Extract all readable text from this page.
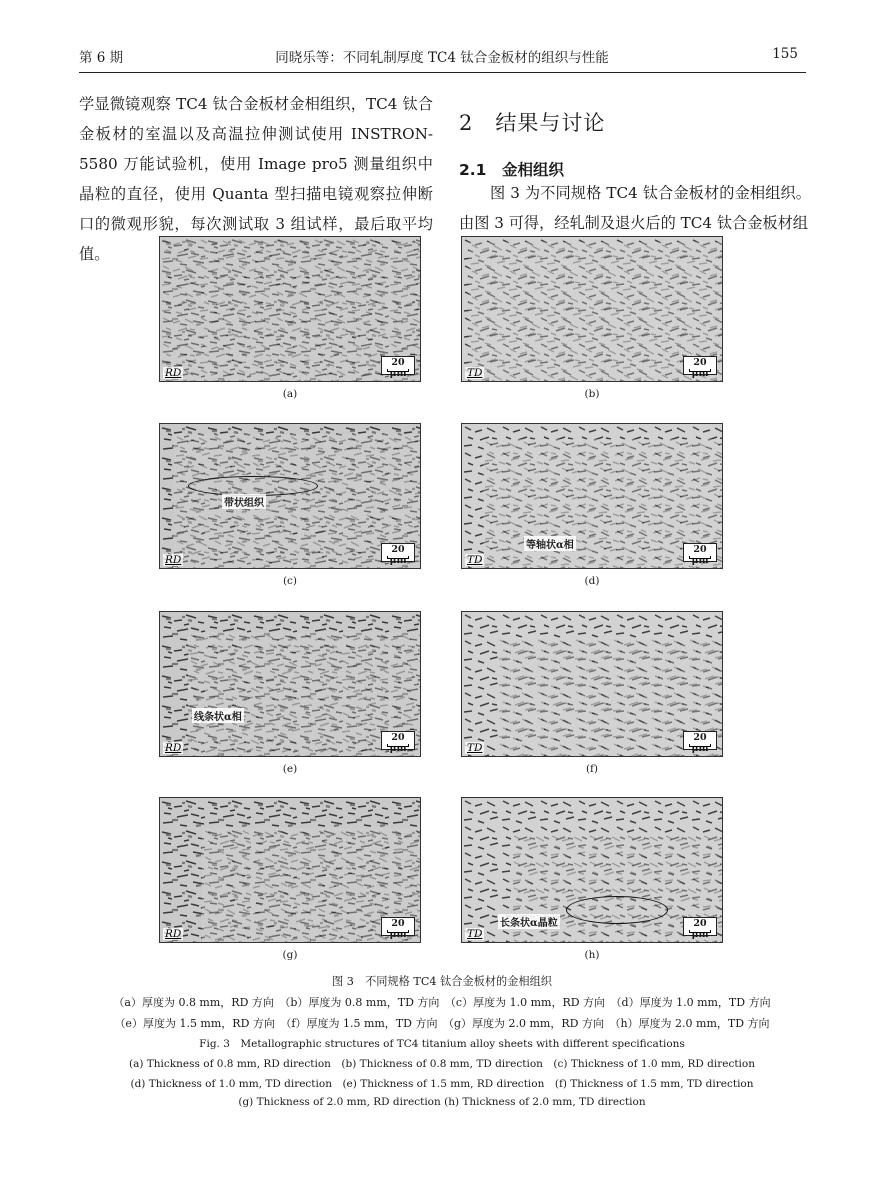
第 6 期	同晓乐等：不同轧制厚度 TC4 钛合金板材的组织与性能	155
学显微镜观察 TC4 钛合金板材金相组织，TC4 钛合金板材的室温以及高温拉伸测试使用 INSTRON-5580 万能试验机，使用 Image pro5 测量组织中晶粒的直径，使用 Quanta 型扫描电镜观察拉伸断口的微观形貌，每次测试取 3 组试样，最后取平均值。
2　结果与讨论
2.1　金相组织
图 3 为不同规格 TC4 钛合金板材的金相组织。由图 3 可得，经轧制及退火后的 TC4 钛合金板材组
RD
20 μm
(a)
TD
20 μm
(b)
RD
20 μm
带状组织
(c)
TD
20 μm
等轴状α相
(d)
RD
20 μm
线条状α相
(e)
TD
20 μm
(f)
RD
20 μm
(g)
TD
20 μm
长条状α晶粒
(h)
图 3　不同规格 TC4 钛合金板材的金相组织
（a）厚度为 0.8 mm，RD 方向　（b）厚度为 0.8 mm，TD 方向　（c）厚度为 1.0 mm，RD 方向　（d）厚度为 1.0 mm，TD 方向
（e）厚度为 1.5 mm，RD 方向　（f）厚度为 1.5 mm，TD 方向　（g）厚度为 2.0 mm，RD 方向　（h）厚度为 2.0 mm，TD 方向
Fig. 3　Metallographic structures of TC4 titanium alloy sheets with different specifications
(a) Thickness of 0.8 mm, RD direction　(b) Thickness of 0.8 mm, TD direction　(c) Thickness of 1.0 mm, RD direction
(d) Thickness of 1.0 mm, TD direction　(e) Thickness of 1.5 mm, RD direction　(f) Thickness of 1.5 mm, TD direction
(g) Thickness of 2.0 mm, RD direction (h) Thickness of 2.0 mm, TD direction
